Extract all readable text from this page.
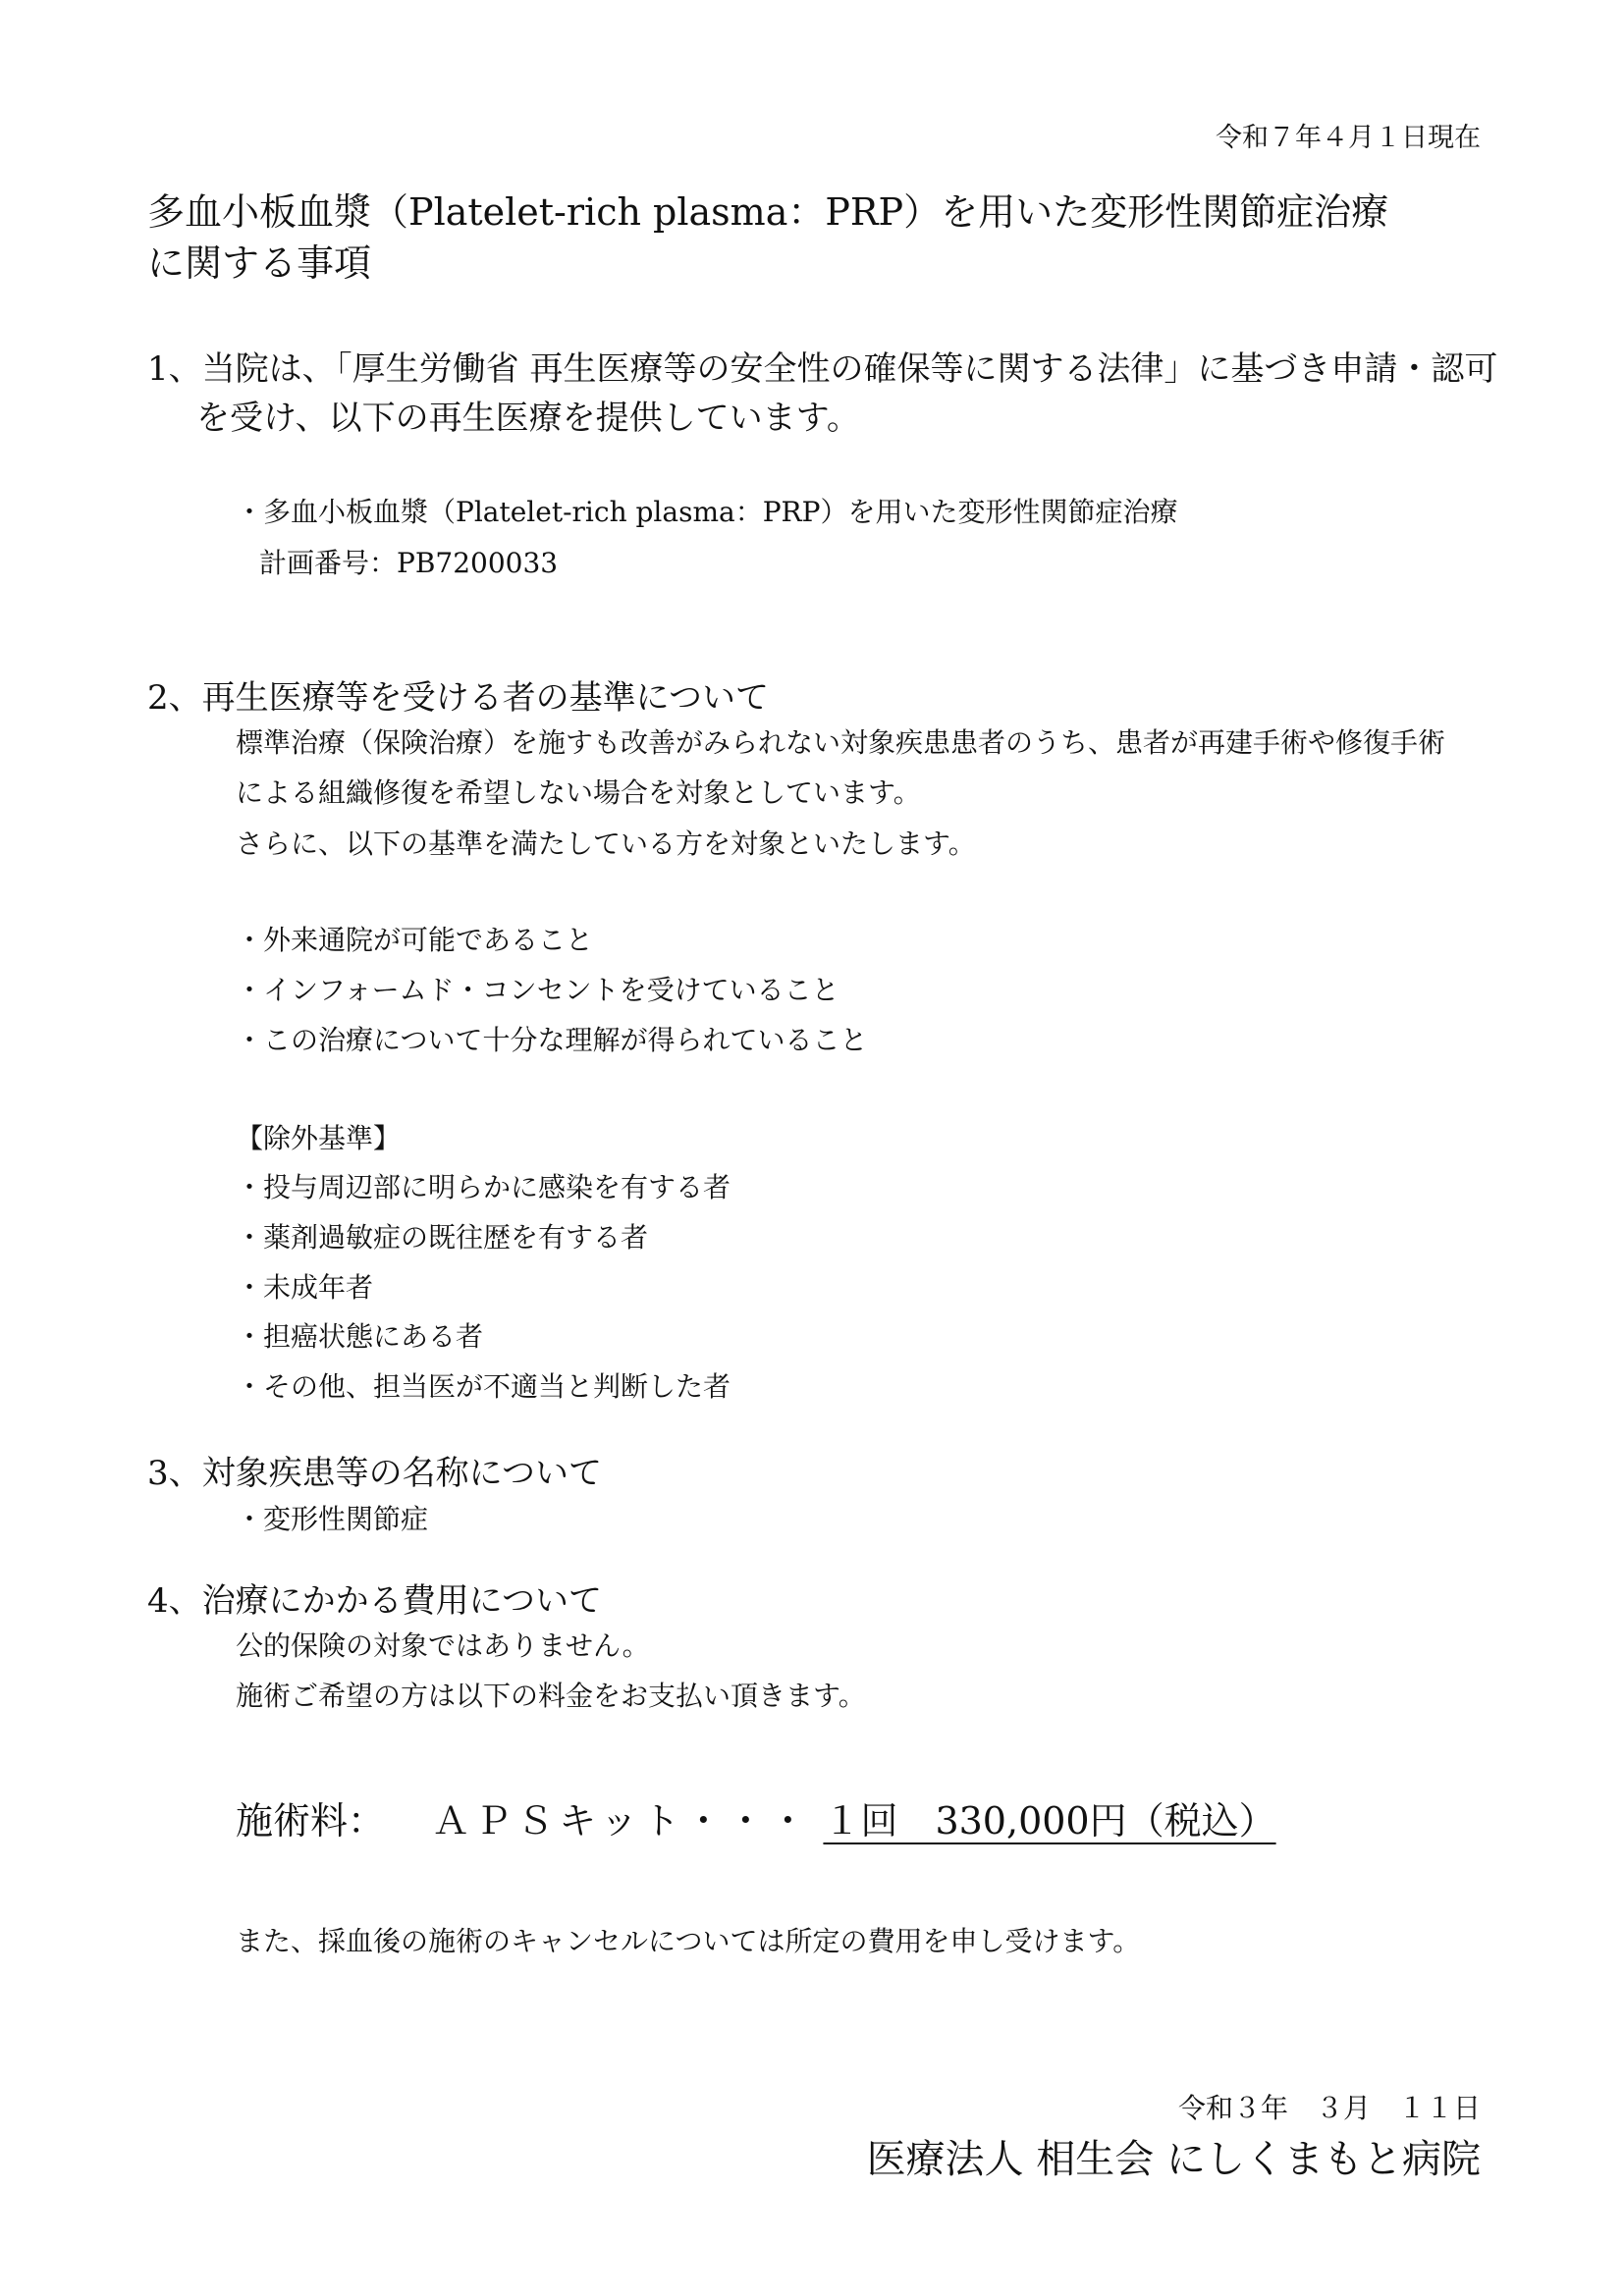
令和７年４月１日現在
多血小板血漿（Platelet-rich plasma：PRP）を用いた変形性関節症治療
に関する事項
1、当院は、「厚生労働省 再生医療等の安全性の確保等に関する法律」に基づき申請・認可
を受け、以下の再生医療を提供しています。
・多血小板血漿（Platelet-rich plasma：PRP）を用いた変形性関節症治療
計画番号：PB7200033
2、再生医療等を受ける者の基準について
標準治療（保険治療）を施すも改善がみられない対象疾患患者のうち、患者が再建手術や修復手術
による組織修復を希望しない場合を対象としています。
さらに、以下の基準を満たしている方を対象といたします。
・外来通院が可能であること
・インフォームド・コンセントを受けていること
・この治療について十分な理解が得られていること
【除外基準】
・投与周辺部に明らかに感染を有する者
・薬剤過敏症の既往歴を有する者
・未成年者
・担癌状態にある者
・その他、担当医が不適当と判断した者
3、対象疾患等の名称について
・変形性関節症
4、治療にかかる費用について
公的保険の対象ではありません。
施術ご希望の方は以下の料金をお支払い頂きます。
施術料： ＡＰＳキット・・・ １回　330,000円（税込）
また、採血後の施術のキャンセルについては所定の費用を申し受けます。
令和３年　３月　１１日
医療法人 相生会 にしくまもと病院
